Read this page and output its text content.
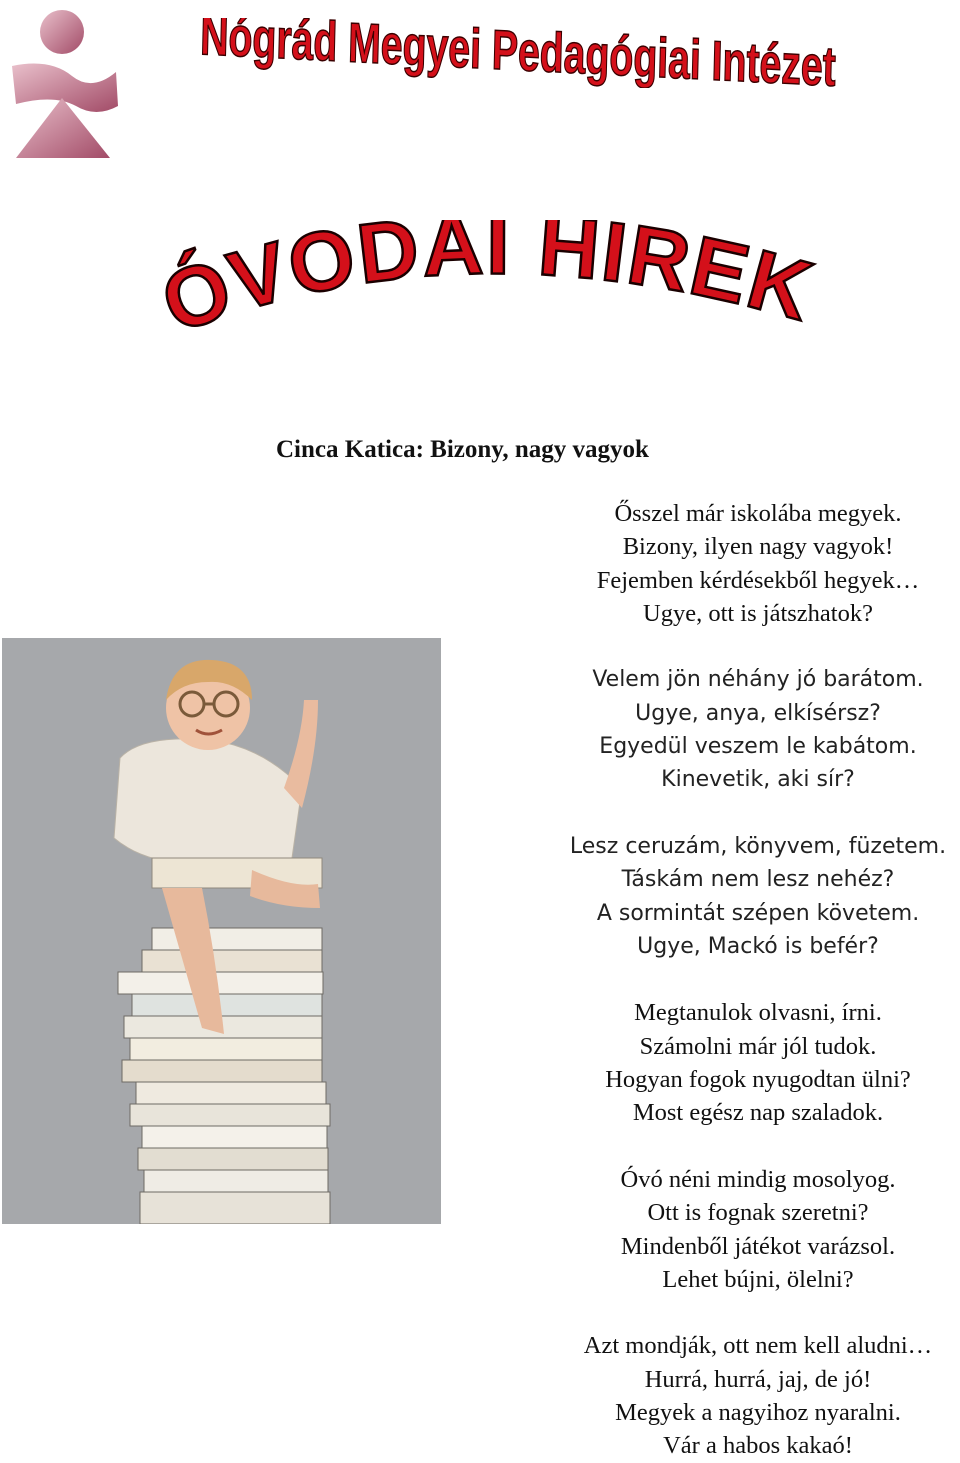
Nógrád Megyei Pedagógiai Intézet
ÓVODAI HÍREK
Cinca Katica: Bizony, nagy vagyok
Ősszel már iskolába megyek.
Bizony, ilyen nagy vagyok!
Fejemben kérdésekből hegyek…
Ugye, ott is játszhatok?
Velem jön néhány jó barátom.
Ugye, anya, elkísérsz?
Egyedül veszem le kabátom.
Kinevetik, aki sír?
Lesz ceruzám, könyvem, füzetem.
Táskám nem lesz nehéz?
A sormintát szépen követem.
Ugye, Mackó is befér?
Megtanulok olvasni, írni.
Számolni már jól tudok.
Hogyan fogok nyugodtan ülni?
Most egész nap szaladok.
Óvó néni mindig mosolyog.
Ott is fognak szeretni?
Mindenből játékot varázsol.
Lehet bújni, ölelni?
Azt mondják, ott nem kell aludni…
Hurrá, hurrá, jaj, de jó!
Megyek a nagyihoz nyaralni.
Vár a habos kakaó!
